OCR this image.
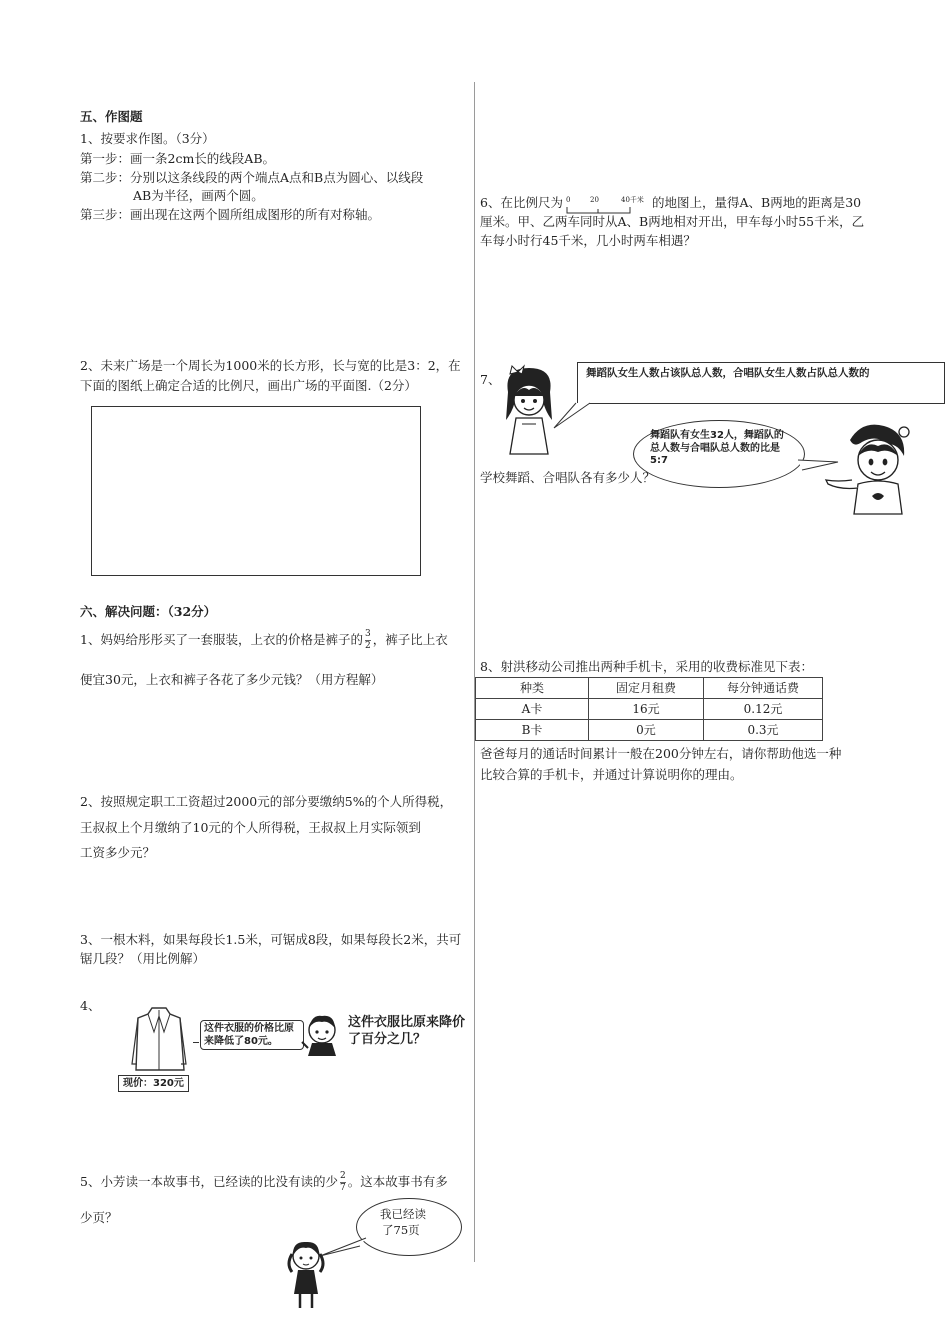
五、作图题
1、按要求作图。（3分）
第一步：画一条2cm长的线段AB。
第二步：分别以这条线段的两个端点A点和B点为圆心、以线段
AB为半径，画两个圆。
第三步：画出现在这两个圆所组成图形的所有对称轴。
2、未来广场是一个周长为1000米的长方形，长与宽的比是3：2，在
下面的图纸上确定合适的比例尺，画出广场的平面图.（2分）
六、解决问题：（32分）
1、妈妈给彤彤买了一套服装，上衣的价格是裤子的 $\frac{3}{2}$ ，裤子比上衣
便宜30元，上衣和裤子各花了多少元钱？（用方程解）
2、按照规定职工工资超过2000元的部分要缴纳5%的个人所得税，
王叔叔上个月缴纳了10元的个人所得税，王叔叔上月实际领到
工资多少元？
3、一根木料，如果每段长1.5米，可锯成8段，如果每段长2米，共可
锯几段？（用比例解）
4、
现价：320元
这件衣服的价格比原来降低了80元。
这件衣服比原来降价
了百分之几？
5、小芳读一本故事书，已经读的比没有读的少 $\frac{2}{7}$ 。这本故事书有多
少页？	我已经读
了75页
6、在比例尺为 0	20	40千米 的地图上，量得A、B两地的距离是30
厘米。甲、乙两车同时从A、B两地相对开出，甲车每小时55千米，乙
车每小时行45千米，几小时两车相遇？
7、	舞蹈队女生人数占该队总人数，合唱队女生人数占队总人数的
舞蹈队有女生32人，舞蹈队的总人数与合唱队总人数的比是5:7
学校舞蹈、合唱队各有多少人？
8、射洪移动公司推出两种手机卡，采用的收费标准见下表：
种类	固定月租费	每分钟通话费
A卡	16元	0.12元
B卡	0元	0.3元
爸爸每月的通话时间累计一般在200分钟左右，请你帮助他选一种
比较合算的手机卡，并通过计算说明你的理由。
